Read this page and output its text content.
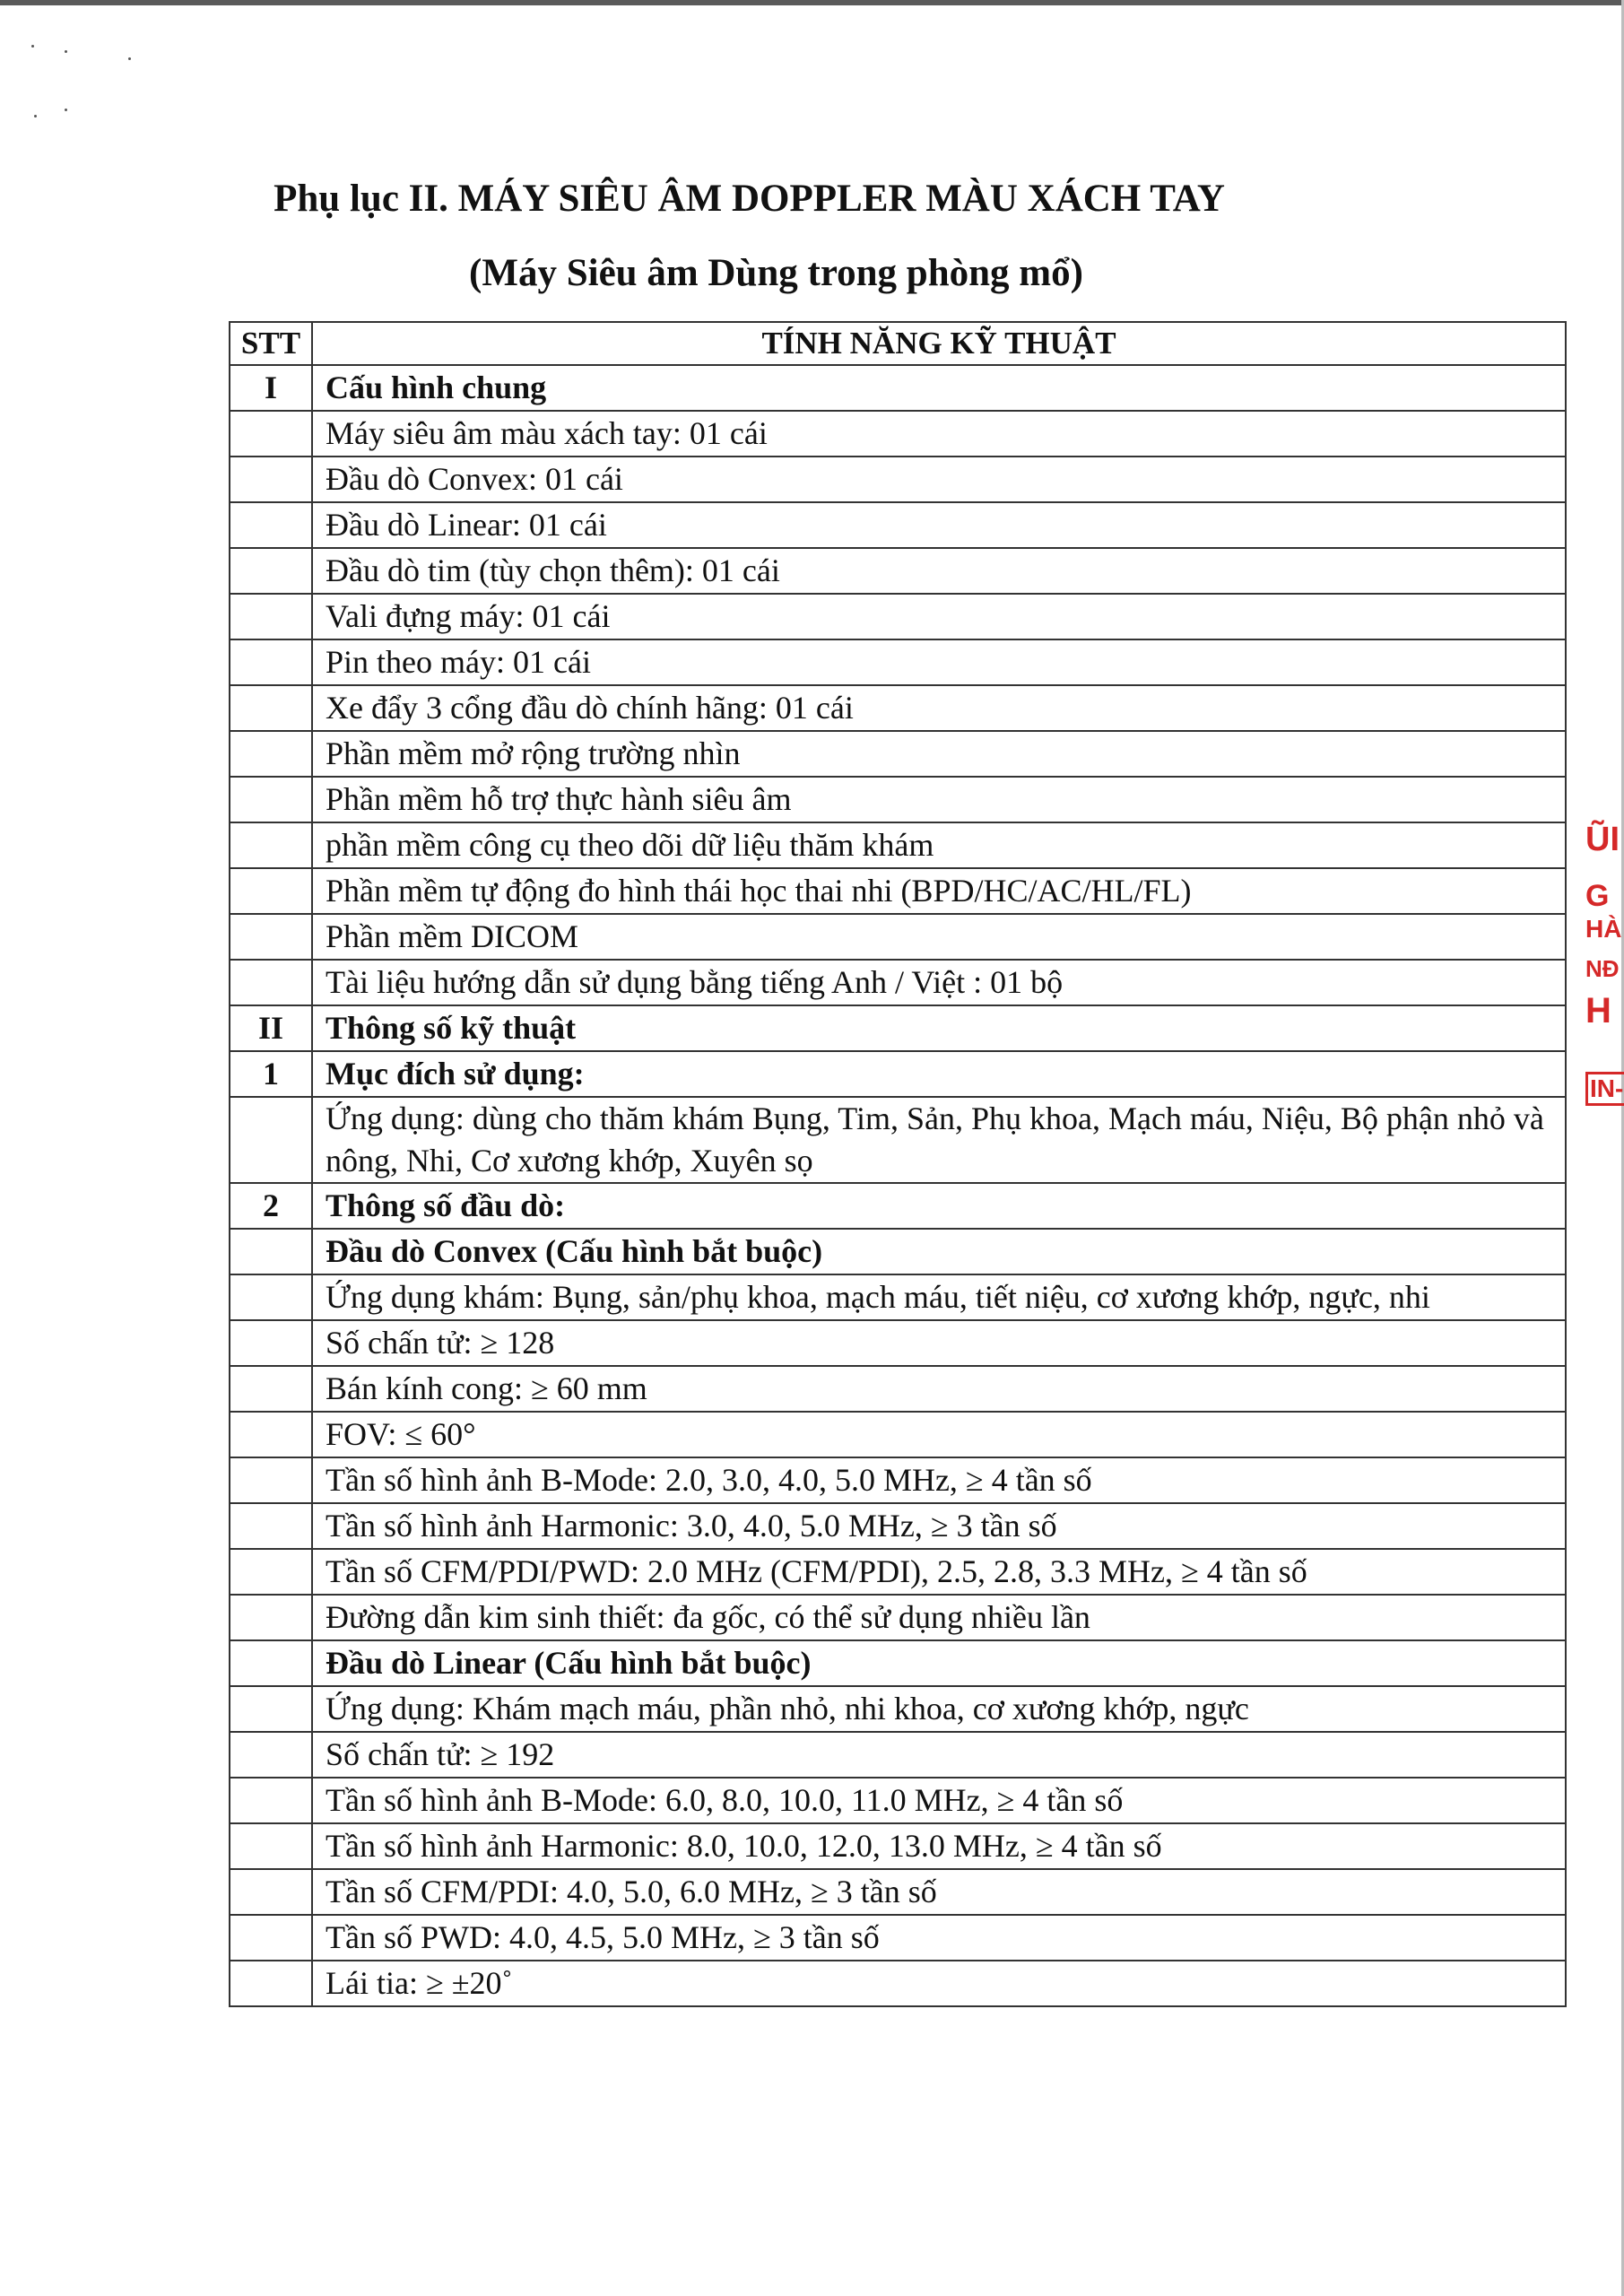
Phụ lục II. MÁY SIÊU ÂM DOPPLER MÀU XÁCH TAY
(Máy Siêu âm Dùng trong phòng mổ)
STT	TÍNH NĂNG KỸ THUẬT
I	Cấu hình chung
	Máy siêu âm màu xách tay: 01 cái
	Đầu dò Convex: 01 cái
	Đầu dò Linear: 01 cái
	Đầu dò tim (tùy chọn thêm): 01 cái
	Vali đựng máy: 01 cái
	Pin theo máy: 01 cái
	Xe đẩy 3 cổng đầu dò chính hãng: 01 cái
	Phần mềm mở rộng trường nhìn
	Phần mềm hỗ trợ thực hành siêu âm
	phần mềm công cụ theo dõi dữ liệu thăm khám
	Phần mềm tự động đo hình thái học thai nhi (BPD/HC/AC/HL/FL)
	Phần mềm DICOM
	Tài liệu hướng dẫn sử dụng bằng tiếng Anh / Việt : 01 bộ
II	Thông số kỹ thuật
1	Mục đích sử dụng:
	Ứng dụng: dùng cho thăm khám Bụng, Tim, Sản, Phụ khoa, Mạch máu, Niệu, Bộ phận nhỏ và nông, Nhi, Cơ xương khớp, Xuyên sọ
2	Thông số đầu dò:
	Đầu dò Convex (Cấu hình bắt buộc)
	Ứng dụng khám: Bụng, sản/phụ khoa, mạch máu, tiết niệu, cơ xương khớp, ngực, nhi
	Số chấn tử: ≥ 128
	Bán kính cong: ≥ 60 mm
	FOV: ≤ 60°
	Tần số hình ảnh B-Mode: 2.0, 3.0, 4.0, 5.0 MHz, ≥ 4 tần số
	Tần số hình ảnh Harmonic: 3.0, 4.0, 5.0 MHz, ≥ 3 tần số
	Tần số CFM/PDI/PWD: 2.0 MHz (CFM/PDI), 2.5, 2.8, 3.3 MHz, ≥ 4 tần số
	Đường dẫn kim sinh thiết: đa gốc, có thể sử dụng nhiều lần
	Đầu dò Linear (Cấu hình bắt buộc)
	Ứng dụng: Khám mạch máu, phần nhỏ, nhi khoa, cơ xương khớp, ngực
	Số chấn tử: ≥ 192
	Tần số hình ảnh B-Mode: 6.0, 8.0, 10.0, 11.0 MHz, ≥ 4 tần số
	Tần số hình ảnh Harmonic: 8.0, 10.0, 12.0, 13.0 MHz, ≥ 4 tần số
	Tần số CFM/PDI: 4.0, 5.0, 6.0 MHz, ≥ 3 tần số
	Tần số PWD: 4.0, 4.5, 5.0 MHz, ≥ 3 tần số
	Lái tia: ≥ ±20˚
ŨI
G
HÀ
NĐ
H
IN-
